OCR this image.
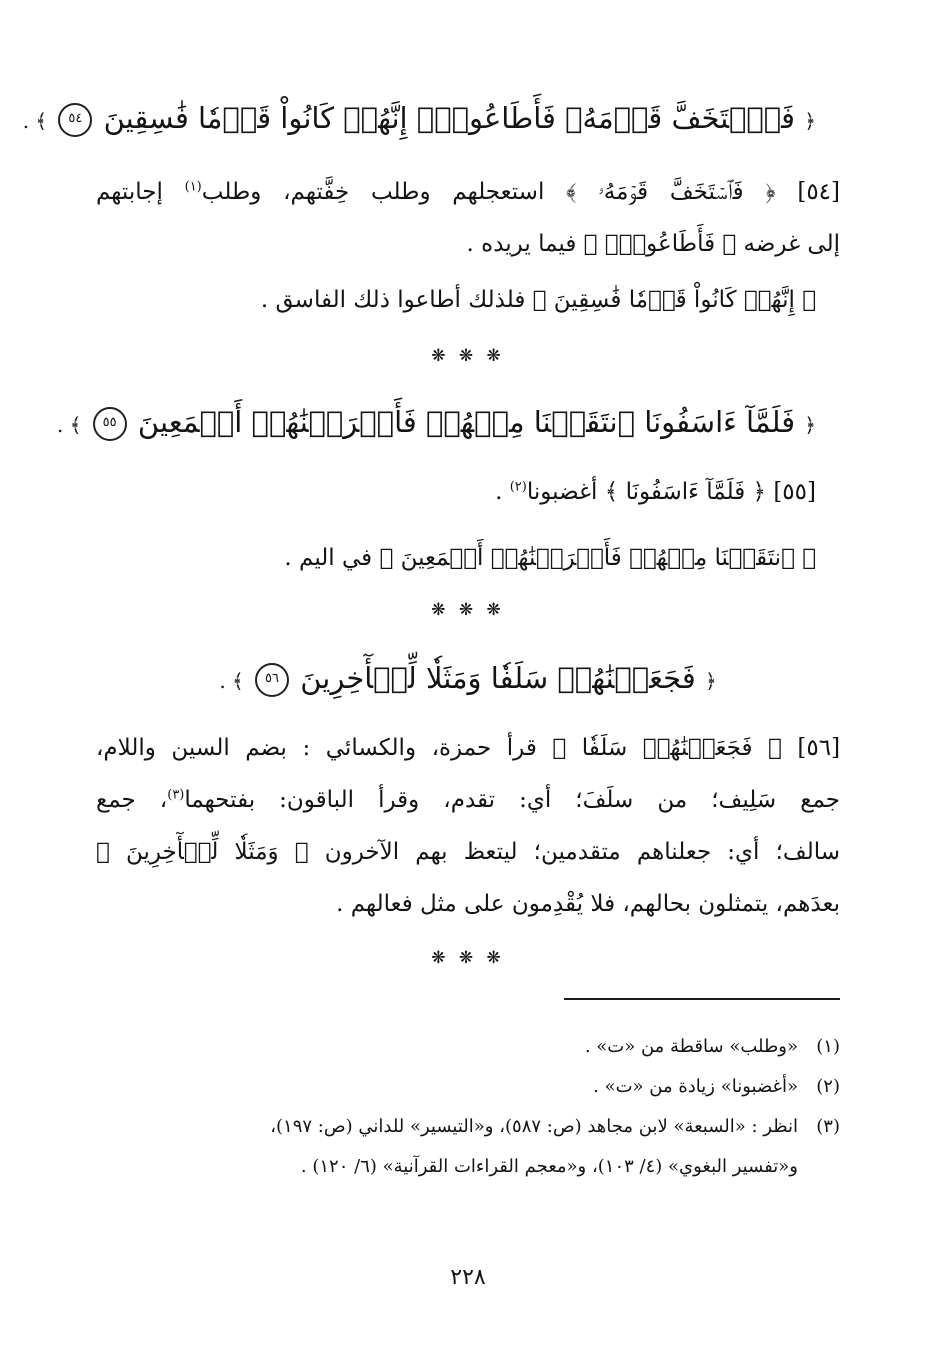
﴿ فَٱسۡتَخَفَّ قَوۡمَهُۥ فَأَطَاعُوهُۚ إِنَّهُمۡ كَانُواْ قَوۡمٗا فَٰسِقِينَ ٥٤ ﴾ .
[٥٤] ﴿ فَٱسۡتَخَفَّ قَوۡمَهُۥ ﴾ استعجلهم وطلب خِفَّتهم، وطلب$^{(١)}$ إجابتهم
إلى غرضه ﴿ فَأَطَاعُوهُۚ ﴾ فيما يريده .
﴿ إِنَّهُمۡ كَانُواْ قَوۡمٗا فَٰسِقِينَ ﴾ فلذلك أطاعوا ذلك الفاسق .
❋ ❋ ❋
﴿ فَلَمَّآ ءَاسَفُونَا ٱنتَقَمۡنَا مِنۡهُمۡ فَأَغۡرَقۡنَٰهُمۡ أَجۡمَعِينَ ٥٥ ﴾ .
[٥٥] ﴿ فَلَمَّآ ءَاسَفُونَا ﴾ أغضبونا$^{(٢)}$ .
﴿ ٱنتَقَمۡنَا مِنۡهُمۡ فَأَغۡرَقۡنَٰهُمۡ أَجۡمَعِينَ ﴾ في اليم .
❋ ❋ ❋
﴿ فَجَعَلۡنَٰهُمۡ سَلَفٗا وَمَثَلٗا لِّلۡأٓخِرِينَ ٥٦ ﴾ .
[٥٦] ﴿ فَجَعَلۡنَٰهُمۡ سَلَفٗا ﴾ قرأ حمزة، والكسائي : بضم السين واللام،
جمع سَلِيف؛ من سلَفَ؛ أي: تقدم، وقرأ الباقون: بفتحهما$^{(٣)}$، جمع
سالف؛ أي: جعلناهم متقدمين؛ ليتعظ بهم الآخرون ﴿ وَمَثَلٗا لِّلۡأٓخِرِينَ ﴾
بعدَهم، يتمثلون بحالهم، فلا يُقْدِمون على مثل فعالهم .
❋ ❋ ❋
(١)«وطلب» ساقطة من «ت» .
(٢)«أغضبونا» زيادة من «ت» .
(٣)انظر : «السبعة» لابن مجاهد (ص: ٥٨٧)، و«التيسير» للداني (ص: ١٩٧)،
و«تفسير البغوي» (٤/ ١٠٣)، و«معجم القراءات القرآنية» (٦/ ١٢٠) .
٢٢٨
